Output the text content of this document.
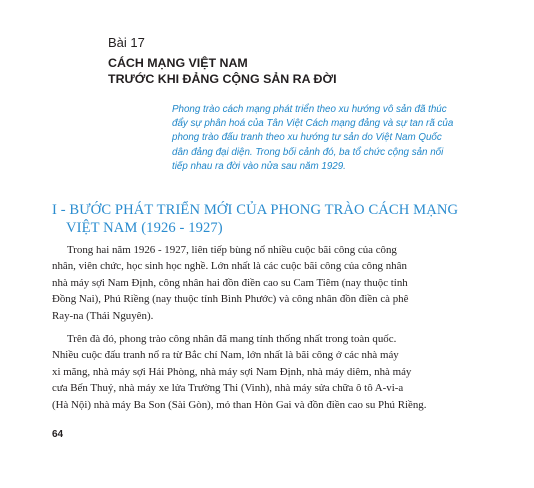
Bài 17
CÁCH MẠNG VIỆT NAM
TRƯỚC KHI ĐẢNG CỘNG SẢN RA ĐỜI
Phong trào cách mạng phát triển theo xu hướng vô sản đã thúc
đẩy sự phân hoá của Tân Việt Cách mạng đảng và sự tan rã của
phong trào đấu tranh theo xu hướng tư sản do Việt Nam Quốc
dân đảng đại diện. Trong bối cảnh đó, ba tổ chức cộng sản nối
tiếp nhau ra đời vào nửa sau năm 1929.
I - BƯỚC PHÁT TRIỂN MỚI CỦA PHONG TRÀO CÁCH MẠNG
VIỆT NAM (1926 - 1927)
Trong hai năm 1926 - 1927, liên tiếp bùng nổ nhiều cuộc bãi công của công
nhân, viên chức, học sinh học nghề. Lớn nhất là các cuộc bãi công của công nhân
nhà máy sợi Nam Định, công nhân hai đồn điền cao su Cam Tiêm (nay thuộc tỉnh
Đồng Nai), Phú Riềng (nay thuộc tỉnh Bình Phước) và công nhân đồn điền cà phê
Ray-na (Thái Nguyên).
Trên đà đó, phong trào công nhân đã mang tính thống nhất trong toàn quốc.
Nhiều cuộc đấu tranh nổ ra từ Bắc chí Nam, lớn nhất là bãi công ở các nhà máy
xi măng, nhà máy sợi Hải Phòng, nhà máy sợi Nam Định, nhà máy diêm, nhà máy
cưa Bến Thuỷ, nhà máy xe lửa Trường Thi (Vinh), nhà máy sửa chữa ô tô A-vi-a
(Hà Nội) nhà máy Ba Son (Sài Gòn), mỏ than Hòn Gai và đồn điền cao su Phú Riềng.
64
